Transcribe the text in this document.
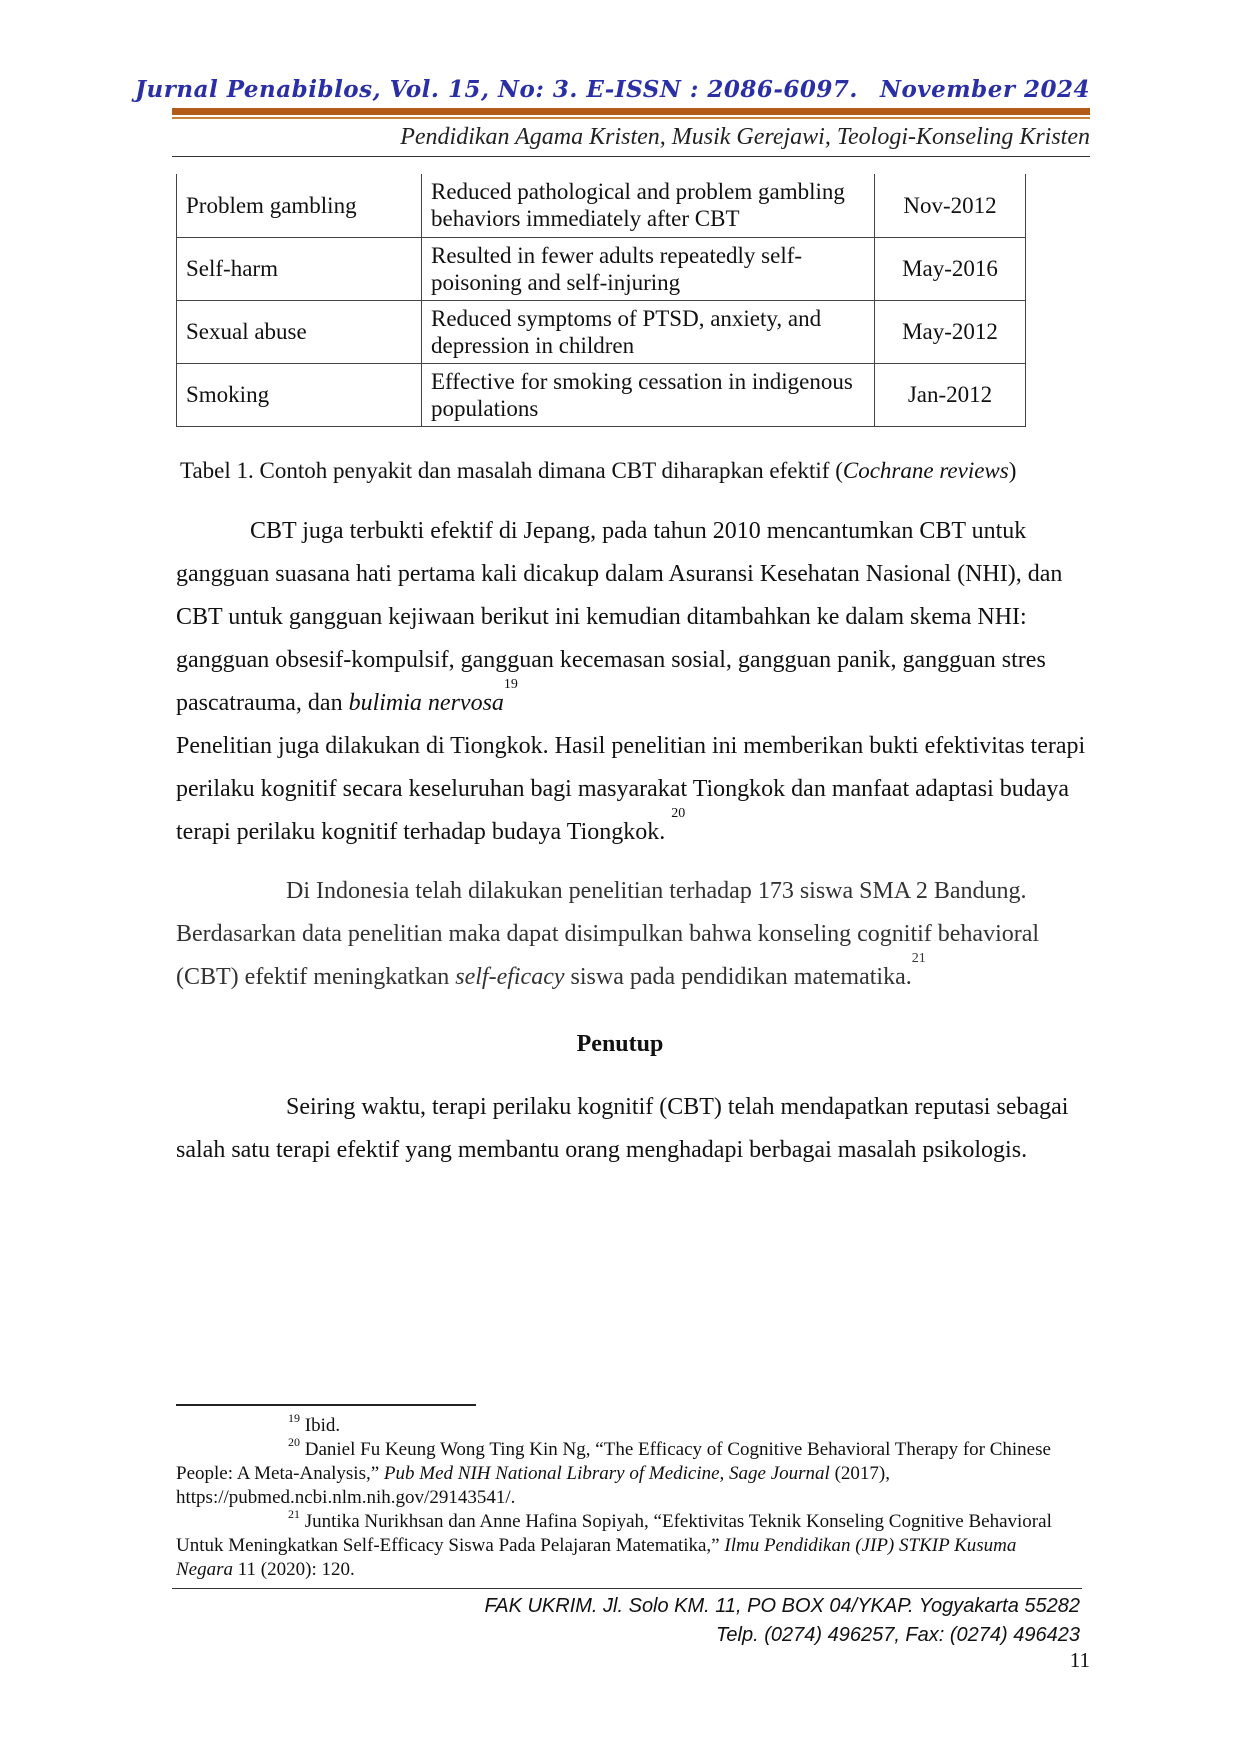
Jurnal Penabiblos, Vol. 15, No: 3. E-ISSN : 2086-6097. November 2024
Pendidikan Agama Kristen, Musik Gerejawi, Teologi-Konseling Kristen
Problem gambling	Reduced pathological and problem gambling behaviors immediately after CBT	Nov-2012
Self-harm	Resulted in fewer adults repeatedly self-poisoning and self-injuring	May-2016
Sexual abuse	Reduced symptoms of PTSD, anxiety, and depression in children	May-2012
Smoking	Effective for smoking cessation in indigenous populations	Jan-2012
Tabel 1. Contoh penyakit dan masalah dimana CBT diharapkan efektif (Cochrane reviews)
CBT juga terbukti efektif di Jepang, pada tahun 2010 mencantumkan CBT untuk gangguan suasana hati pertama kali dicakup dalam Asuransi Kesehatan Nasional (NHI), dan CBT untuk gangguan kejiwaan berikut ini kemudian ditambahkan ke dalam skema NHI: gangguan obsesif-kompulsif, gangguan kecemasan sosial, gangguan panik, gangguan stres pascatrauma, dan bulimia nervosa$^{19}$
Penelitian juga dilakukan di Tiongkok. Hasil penelitian ini memberikan bukti efektivitas terapi perilaku kognitif secara keseluruhan bagi masyarakat Tiongkok dan manfaat adaptasi budaya terapi perilaku kognitif terhadap budaya Tiongkok. $^{20}$
Di Indonesia telah dilakukan penelitian terhadap 173 siswa SMA 2 Bandung. Berdasarkan data penelitian maka dapat disimpulkan bahwa konseling cognitif behavioral (CBT) efektif meningkatkan self-eficacy siswa pada pendidikan matematika.$^{21}$
Penutup
Seiring waktu, terapi perilaku kognitif (CBT) telah mendapatkan reputasi sebagai salah satu terapi efektif yang membantu orang menghadapi berbagai masalah psikologis.
$^{19}$ Ibid.
$^{20}$ Daniel Fu Keung Wong Ting Kin Ng, “The Efficacy of Cognitive Behavioral Therapy for Chinese People: A Meta-Analysis,” Pub Med NIH National Library of Medicine, Sage Journal (2017), https://pubmed.ncbi.nlm.nih.gov/29143541/.
$^{21}$ Juntika Nurikhsan dan Anne Hafina Sopiyah, “Efektivitas Teknik Konseling Cognitive Behavioral Untuk Meningkatkan Self-Efficacy Siswa Pada Pelajaran Matematika,” Ilmu Pendidikan (JIP) STKIP Kusuma Negara 11 (2020): 120.
FAK UKRIM. Jl. Solo KM. 11, PO BOX 04/YKAP. Yogyakarta 55282
Telp. (0274) 496257, Fax: (0274) 496423
11
